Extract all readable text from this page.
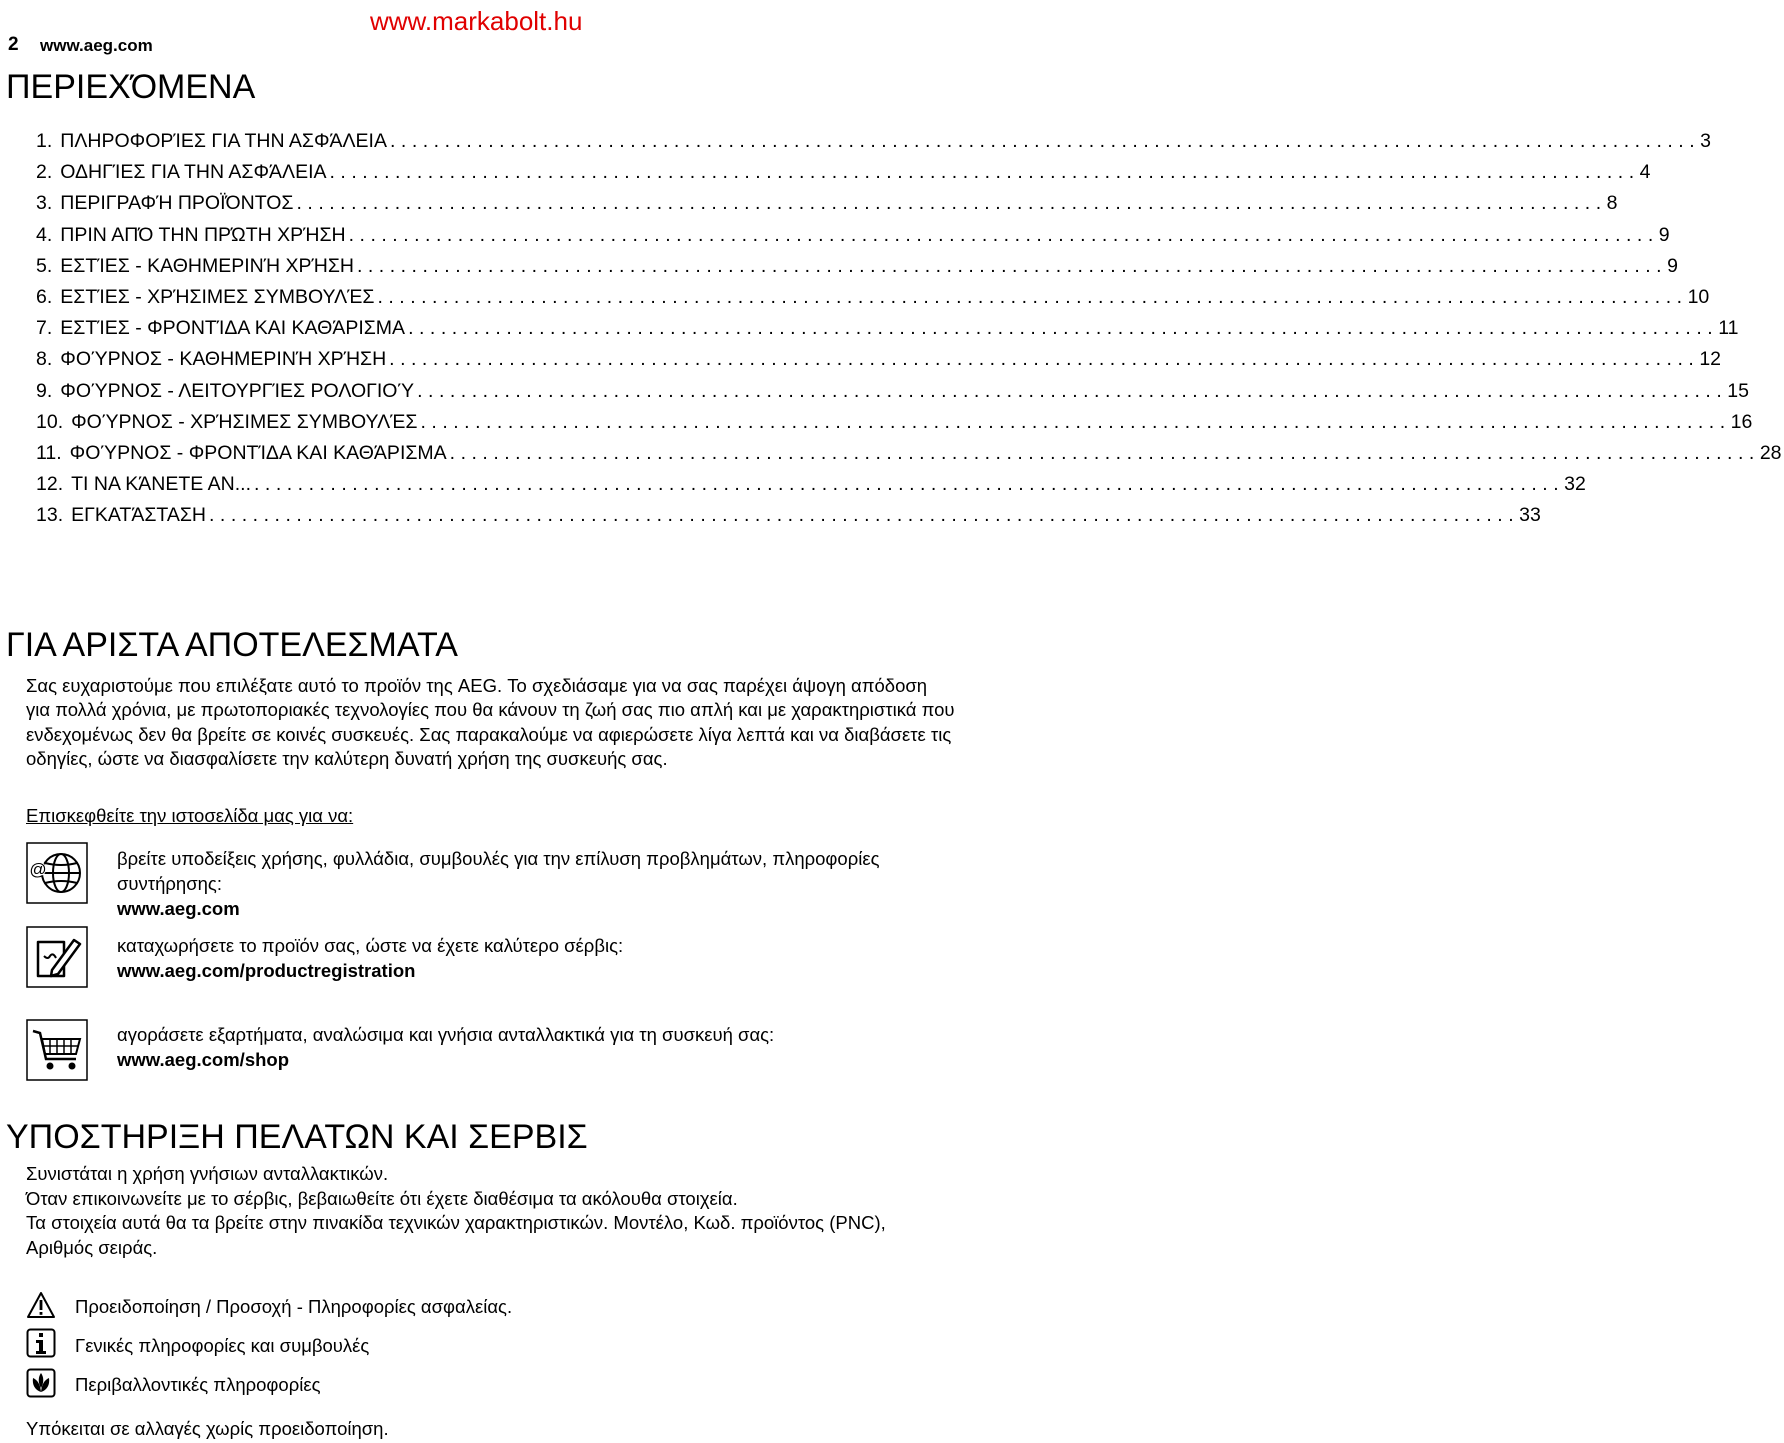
2 www.aeg.com
www.markabolt.hu
ΠΕΡΙΕΧΌΜΕΝΑ
1. ΠΛΗΡΟΦΟΡΊΕΣ ΓΙΑ ΤΗΝ ΑΣΦΆΛΕΙΑ ........................................................................................................................ 3
2. ΟΔΗΓΊΕΣ ΓΙΑ ΤΗΝ ΑΣΦΆΛΕΙΑ ........................................................................................................................ 4
3. ΠΕΡΙΓΡΑΦΉ ΠΡΟΪΌΝΤΟΣ ........................................................................................................................ 8
4. ΠΡΙΝ ΑΠΌ ΤΗΝ ΠΡΏΤΗ ΧΡΉΣΗ ........................................................................................................................ 9
5. ΕΣΤΊΕΣ - ΚΑΘΗΜΕΡΙΝΉ ΧΡΉΣΗ ........................................................................................................................ 9
6. ΕΣΤΊΕΣ - ΧΡΉΣΙΜΕΣ ΣΥΜΒΟΥΛΈΣ ........................................................................................................................ 10
7. ΕΣΤΊΕΣ - ΦΡΟΝΤΊΔΑ ΚΑΙ ΚΑΘΆΡΙΣΜΑ ........................................................................................................................ 11
8. ΦΟΎΡΝΟΣ - ΚΑΘΗΜΕΡΙΝΉ ΧΡΉΣΗ ........................................................................................................................ 12
9. ΦΟΎΡΝΟΣ - ΛΕΙΤΟΥΡΓΊΕΣ ΡΟΛΟΓΙΟΎ ........................................................................................................................ 15
10. ΦΟΎΡΝΟΣ - ΧΡΉΣΙΜΕΣ ΣΥΜΒΟΥΛΈΣ ........................................................................................................................ 16
11. ΦΟΎΡΝΟΣ - ΦΡΟΝΤΊΔΑ ΚΑΙ ΚΑΘΆΡΙΣΜΑ ........................................................................................................................ 28
12. ΤΙ ΝΑ ΚΆΝΕΤΕ ΑΝ... ........................................................................................................................ 32
13. ΕΓΚΑΤΆΣΤΑΣΗ ........................................................................................................................ 33
ΓΙΑ ΑΡΙΣΤΑ ΑΠΟΤΕΛΕΣΜΑΤΑ
Σας ευχαριστούμε που επιλέξατε αυτό το προϊόν της AEG. Το σχεδιάσαμε για να σας παρέχει άψογη απόδοση για πολλά χρόνια, με πρωτοποριακές τεχνολογίες που θα κάνουν τη ζωή σας πιο απλή και με χαρακτηριστικά που ενδεχομένως δεν θα βρείτε σε κοινές συσκευές. Σας παρακαλούμε να αφιερώσετε λίγα λεπτά και να διαβάσετε τις οδηγίες, ώστε να διασφαλίσετε την καλύτερη δυνατή χρήση της συσκευής σας.
Επισκεφθείτε την ιστοσελίδα μας για να:
@
βρείτε υποδείξεις χρήσης, φυλλάδια, συμβουλές για την επίλυση προβλημάτων, πληροφορίες συντήρησης:
www.aeg.com
καταχωρήσετε το προϊόν σας, ώστε να έχετε καλύτερο σέρβις:
www.aeg.com/productregistration
αγοράσετε εξαρτήματα, αναλώσιμα και γνήσια ανταλλακτικά για τη συσκευή σας:
www.aeg.com/shop
ΥΠΟΣΤΗΡΙΞΗ ΠΕΛΑΤΩΝ ΚΑΙ ΣΕΡΒΙΣ
Συνιστάται η χρήση γνήσιων ανταλλακτικών.
Όταν επικοινωνείτε με το σέρβις, βεβαιωθείτε ότι έχετε διαθέσιμα τα ακόλουθα στοιχεία.
Τα στοιχεία αυτά θα τα βρείτε στην πινακίδα τεχνικών χαρακτηριστικών. Μοντέλο, Κωδ. προϊόντος (PNC), Αριθμός σειράς.
Προειδοποίηση / Προσοχή - Πληροφορίες ασφαλείας.
Γενικές πληροφορίες και συμβουλές
Περιβαλλοντικές πληροφορίες
Υπόκειται σε αλλαγές χωρίς προειδοποίηση.
